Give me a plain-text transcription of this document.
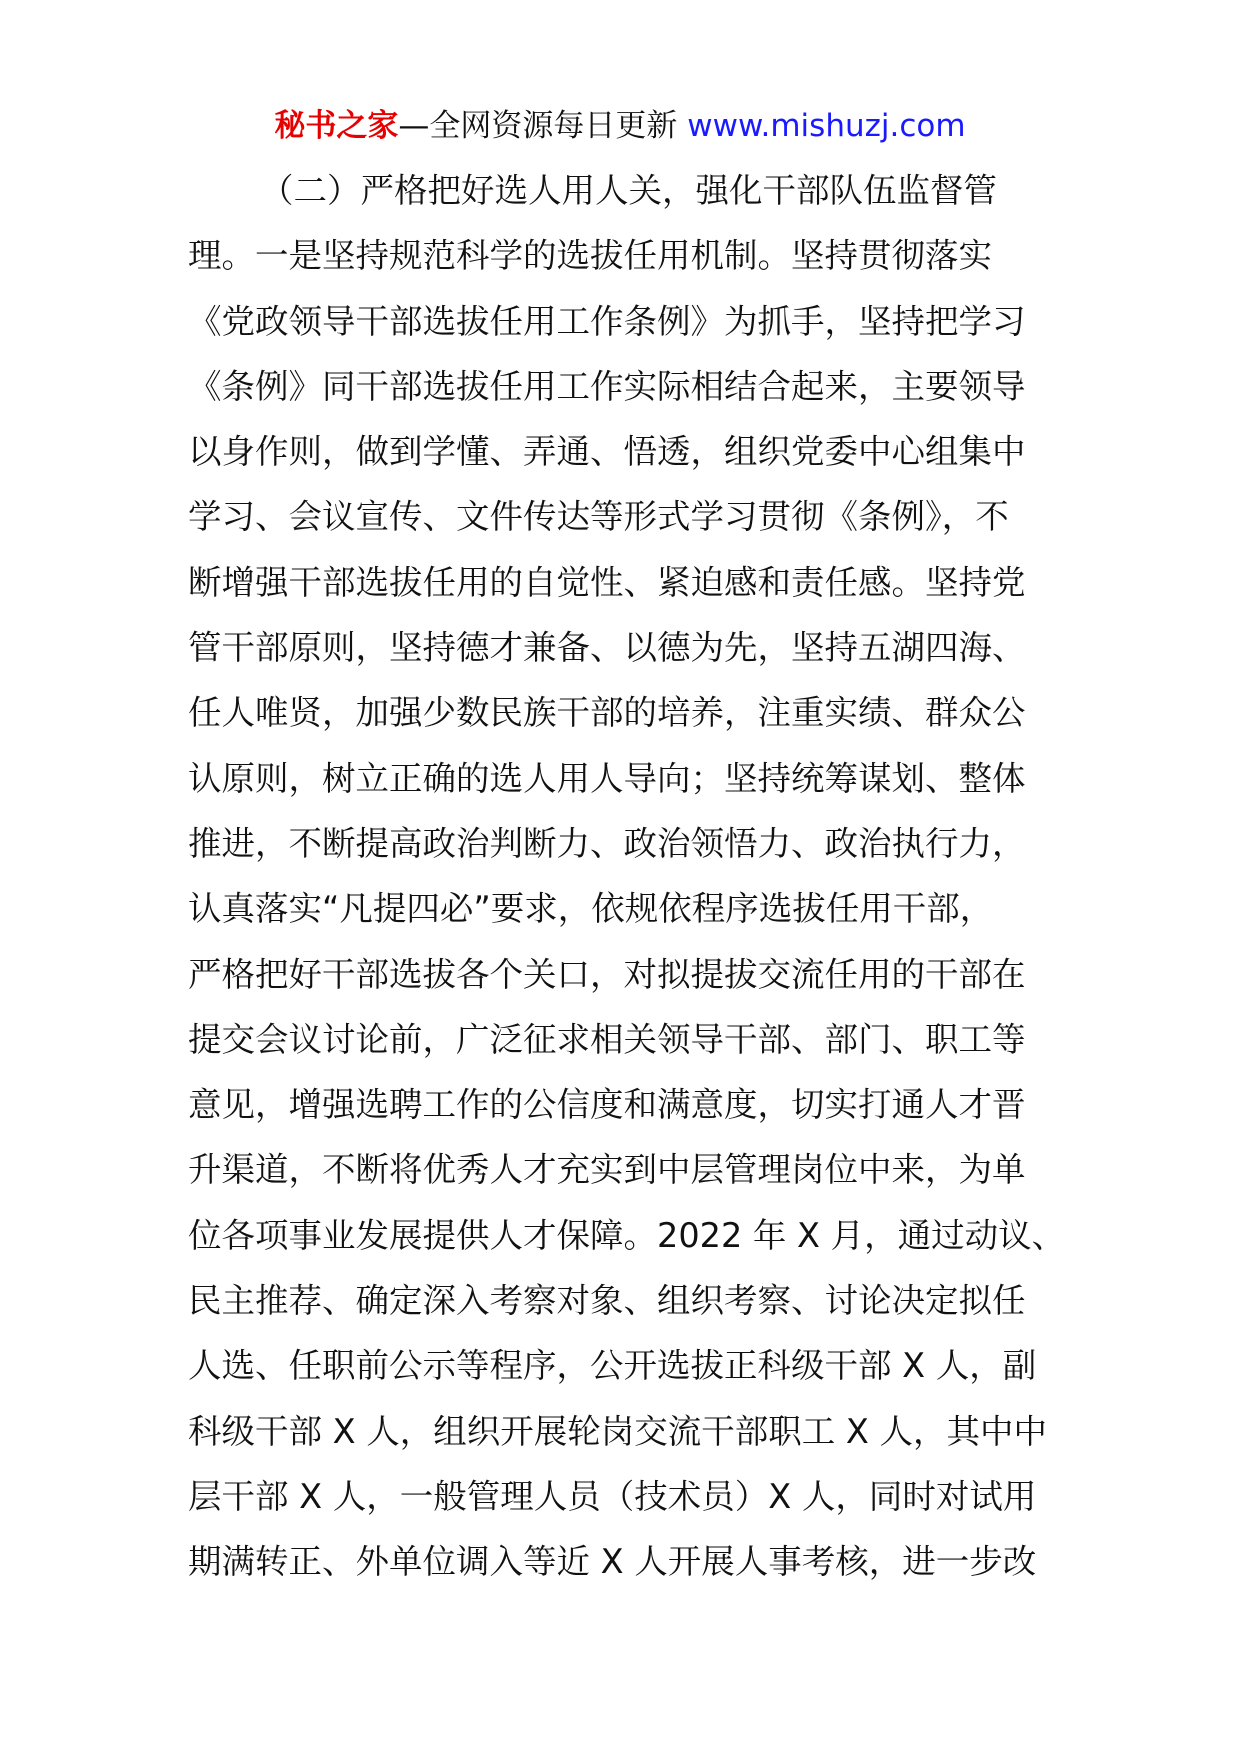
秘书之家—全网资源每日更新 www.mishuzj.com
（二）严格把好选人用人关，强化干部队伍监督管
理。一是坚持规范科学的选拔任用机制。坚持贯彻落实
《党政领导干部选拔任用工作条例》为抓手，坚持把学习
《条例》同干部选拔任用工作实际相结合起来，主要领导
以身作则，做到学懂、弄通、悟透，组织党委中心组集中
学习、会议宣传、文件传达等形式学习贯彻《条例》，不
断增强干部选拔任用的自觉性、紧迫感和责任感。坚持党
管干部原则，坚持德才兼备、以德为先，坚持五湖四海、
任人唯贤，加强少数民族干部的培养，注重实绩、群众公
认原则，树立正确的选人用人导向；坚持统筹谋划、整体
推进，不断提高政治判断力、政治领悟力、政治执行力，
认真落实“凡提四必”要求，依规依程序选拔任用干部，
严格把好干部选拔各个关口，对拟提拔交流任用的干部在
提交会议讨论前，广泛征求相关领导干部、部门、职工等
意见，增强选聘工作的公信度和满意度，切实打通人才晋
升渠道，不断将优秀人才充实到中层管理岗位中来，为单
位各项事业发展提供人才保障。2022 年 X 月，通过动议、
民主推荐、确定深入考察对象、组织考察、讨论决定拟任
人选、任职前公示等程序，公开选拔正科级干部 X 人，副
科级干部 X 人，组织开展轮岗交流干部职工 X 人，其中中
层干部 X 人，一般管理人员（技术员）X 人，同时对试用
期满转正、外单位调入等近 X 人开展人事考核，进一步改
